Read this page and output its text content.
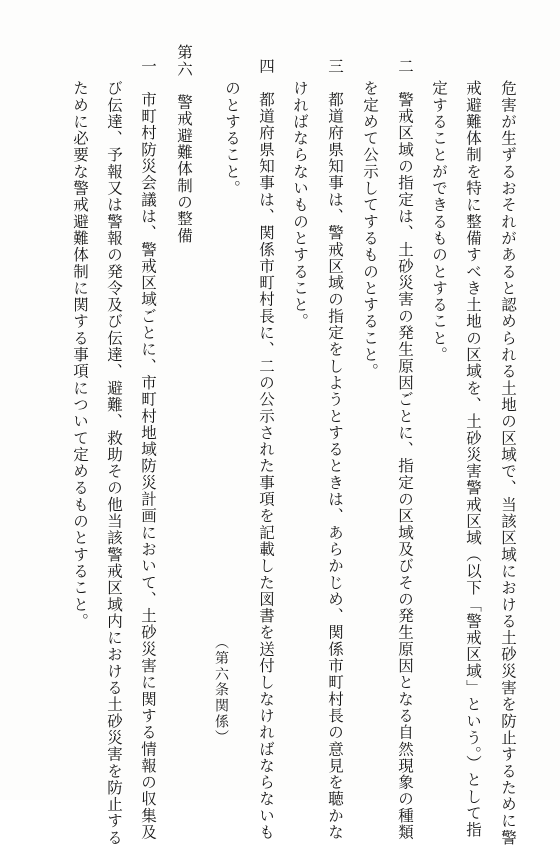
危害が生ずるおそれがあると認められる土地の区域で、当該区域における土砂災害を防止するために警
戒避難体制を特に整備すべき土地の区域を、土砂災害警戒区域（以下「警戒区域」という。）として指
定することができるものとすること。
二　警戒区域の指定は、土砂災害の発生原因ごとに、指定の区域及びその発生原因となる自然現象の種類
を定めて公示してするものとすること。
三　都道府県知事は、警戒区域の指定をしようとするときは、あらかじめ、関係市町村長の意見を聴かな
ければならないものとすること。
四　都道府県知事は、関係市町村長に、二の公示された事項を記載した図書を送付しなければならないも
のとすること。
（第六条関係）
第六　警戒避難体制の整備
一　市町村防災会議は、警戒区域ごとに、市町村地域防災計画において、土砂災害に関する情報の収集及
び伝達、予報又は警報の発令及び伝達、避難、救助その他当該警戒区域内における土砂災害を防止する
ために必要な警戒避難体制に関する事項について定めるものとすること。
